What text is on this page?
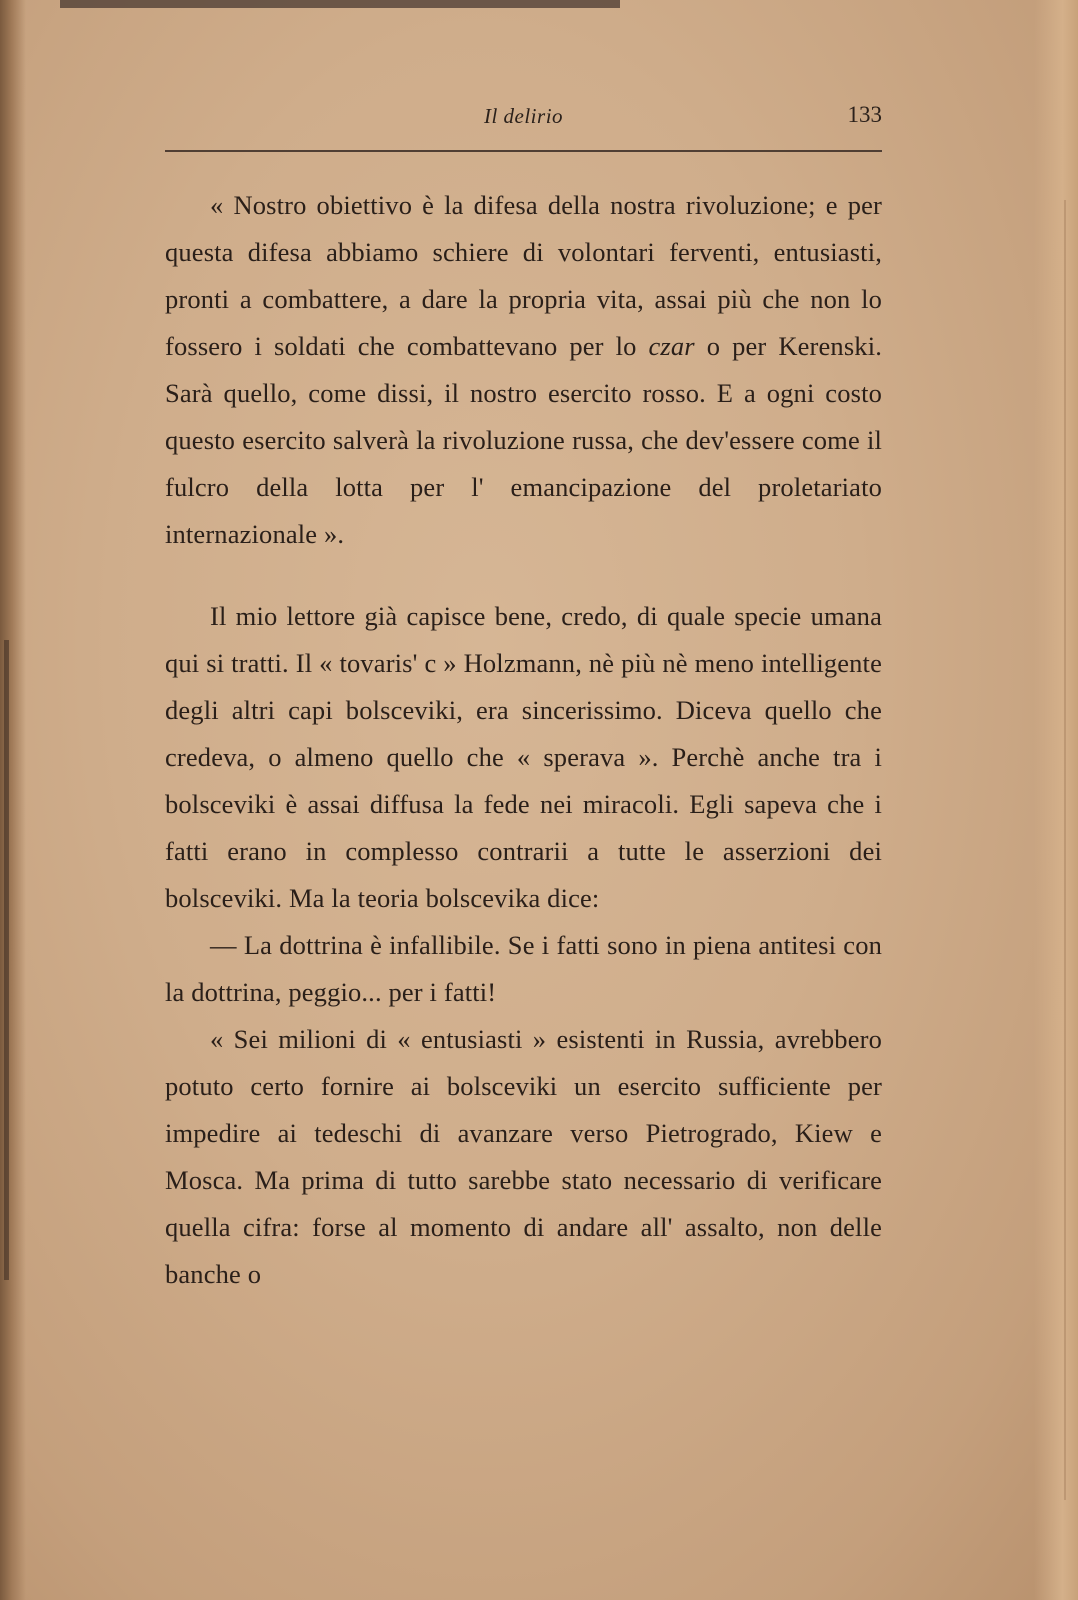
Il delirio	133

« Nostro obiettivo è la difesa della nostra rivoluzione; e per questa difesa abbiamo schiere di volontari ferventi, entusiasti, pronti a combattere, a dare la propria vita, assai più che non lo fossero i soldati che combattevano per lo czar o per Kerenski. Sarà quello, come dissi, il nostro esercito rosso. E a ogni costo questo esercito salverà la rivoluzione russa, che dev'essere come il fulcro della lotta per l' emancipazione del proletariato internazionale ».

Il mio lettore già capisce bene, credo, di quale specie umana qui si tratti. Il « tovaris' c » Holzmann, nè più nè meno intelligente degli altri capi bolsceviki, era sincerissimo. Diceva quello che credeva, o almeno quello che « sperava ». Perchè anche tra i bolsceviki è assai diffusa la fede nei miracoli. Egli sapeva che i fatti erano in complesso contrarii a tutte le asserzioni dei bolsceviki. Ma la teoria bolscevika dice:

— La dottrina è infallibile. Se i fatti sono in piena antitesi con la dottrina, peggio... per i fatti!

« Sei milioni di « entusiasti » esistenti in Russia, avrebbero potuto certo fornire ai bolsceviki un esercito sufficiente per impedire ai tedeschi di avanzare verso Pietrogrado, Kiew e Mosca. Ma prima di tutto sarebbe stato necessario di verificare quella cifra: forse al momento di andare all' assalto, non delle banche o
